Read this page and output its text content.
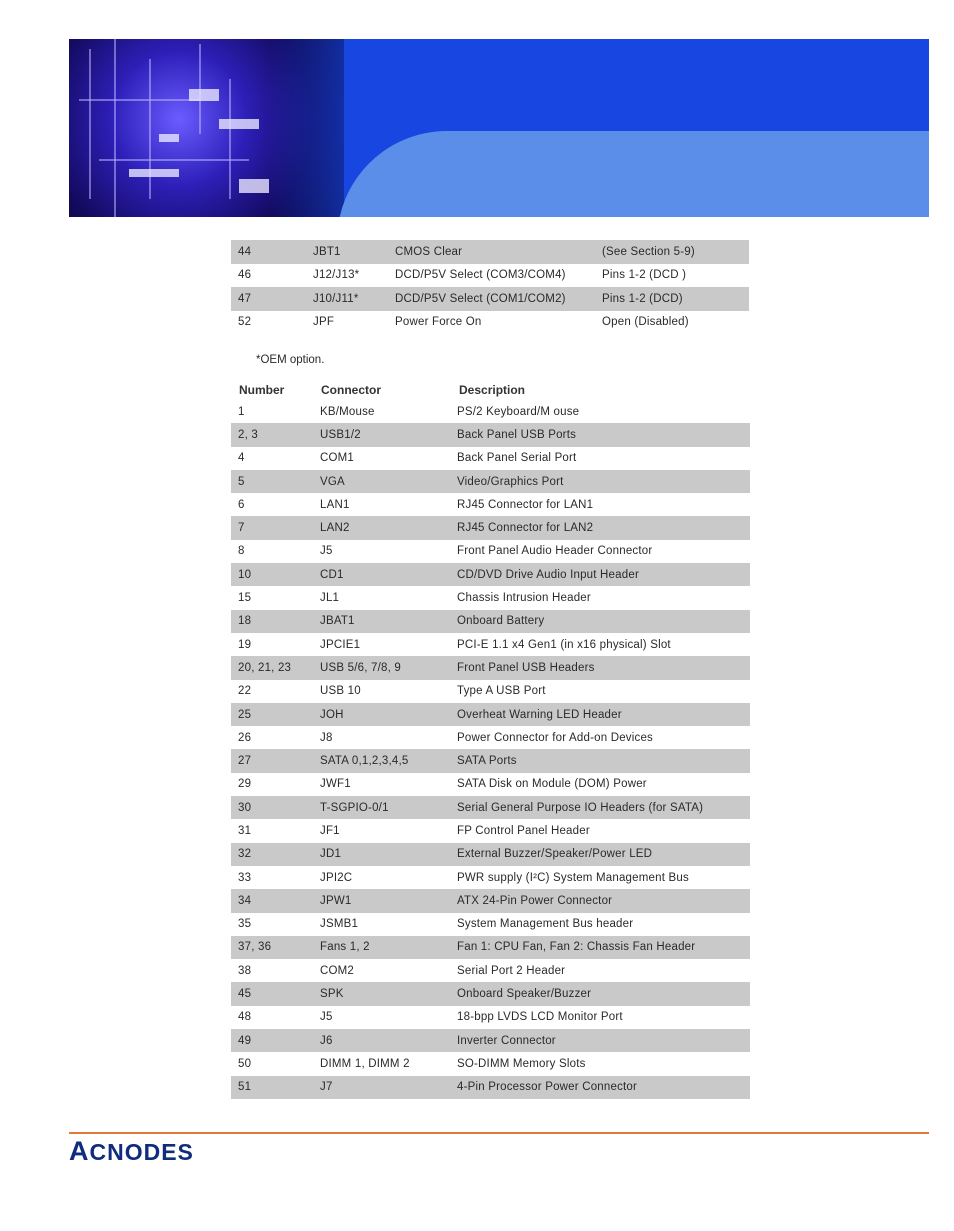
44	JBT1	CMOS Clear	(See Section 5-9)
46	J12/J13*	DCD/P5V Select (COM3/COM4)	Pins 1-2 (DCD )
47	J10/J11*	DCD/P5V Select (COM1/COM2)	Pins 1-2 (DCD)
52	JPF	Power Force On	Open (Disabled)
*OEM option.
Number	Connector	Description
1	KB/Mouse	PS/2 Keyboard/M ouse
2, 3	USB1/2	Back Panel USB Ports
4	COM1	Back Panel Serial Port
5	VGA	Video/Graphics Port
6	LAN1	RJ45 Connector for LAN1
7	LAN2	RJ45 Connector for LAN2
8	J5	Front Panel Audio Header Connector
10	CD1	CD/DVD Drive Audio Input Header
15	JL1	Chassis Intrusion Header
18	JBAT1	Onboard Battery
19	JPCIE1	PCI-E 1.1 x4 Gen1 (in x16 physical) Slot
20, 21, 23	USB 5/6, 7/8, 9	Front Panel USB Headers
22	USB 10	Type A USB Port
25	JOH	Overheat Warning LED Header
26	J8	Power Connector for Add-on Devices
27	SATA 0,1,2,3,4,5	SATA Ports
29	JWF1	SATA Disk on Module (DOM) Power
30	T-SGPIO-0/1	Serial General Purpose IO Headers (for SATA)
31	JF1	FP Control Panel Header
32	JD1	External Buzzer/Speaker/Power LED
33	JPI2C	PWR supply (I²C) System Management Bus
34	JPW1	ATX 24-Pin Power Connector
35	JSMB1	System Management Bus header
37, 36	Fans 1, 2	Fan 1: CPU Fan, Fan 2: Chassis Fan Header
38	COM2	Serial Port 2 Header
45	SPK	Onboard Speaker/Buzzer
48	J5	18-bpp LVDS LCD Monitor Port
49	J6	Inverter Connector
50	DIMM 1, DIMM 2	SO-DIMM Memory Slots
51	J7	4-Pin Processor Power Connector
ACNODES
